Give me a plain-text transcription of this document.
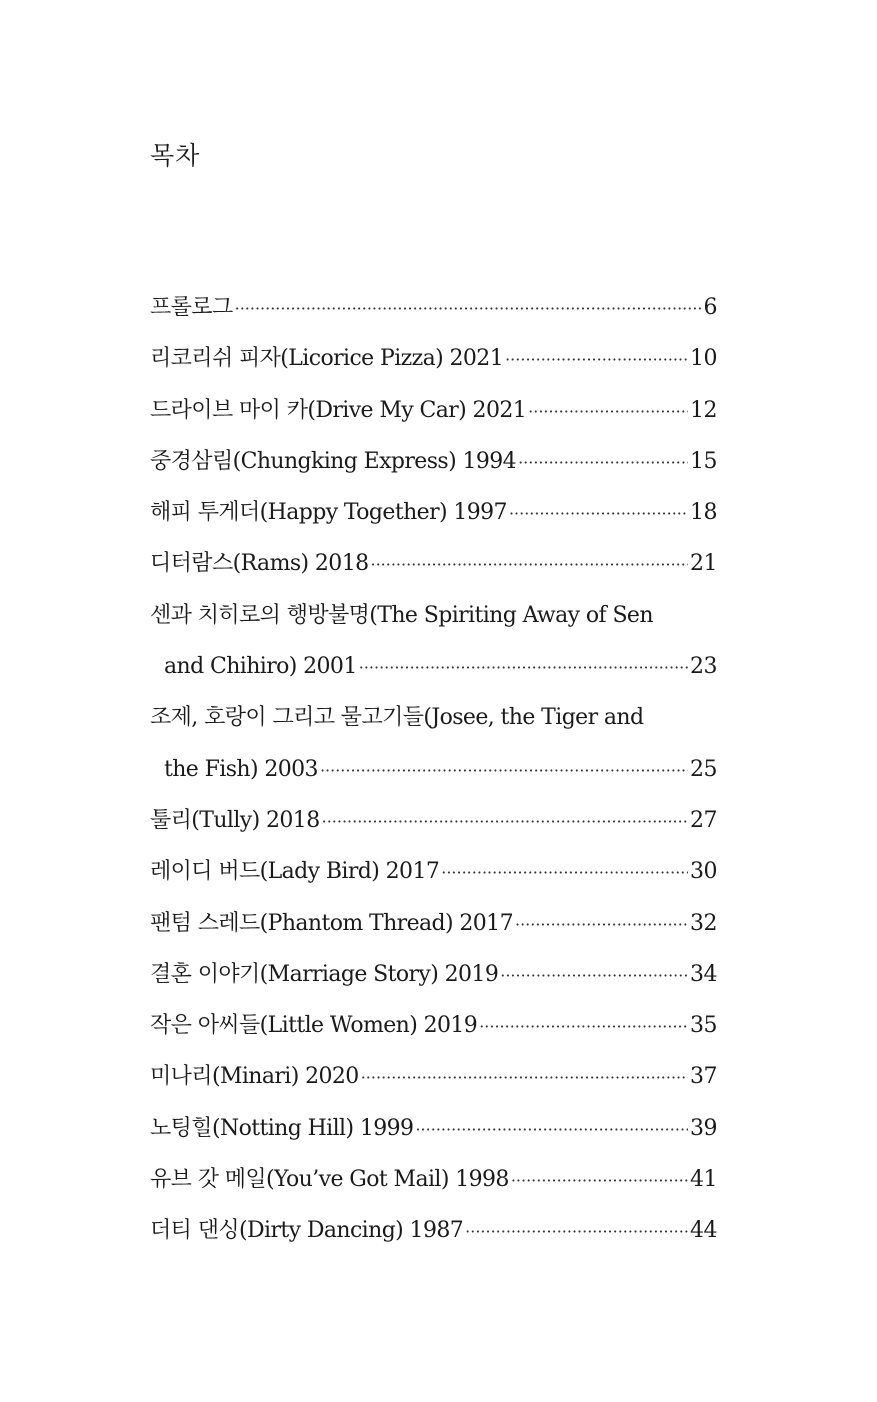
목차
프롤로그 ·····	6
리코리쉬 피자(Licorice Pizza) 2021 ·····	10
드라이브 마이 카(Drive My Car) 2021 ·····	12
중경삼림(Chungking Express) 1994 ·····	15
해피 투게더(Happy Together) 1997 ·····	18
디터람스(Rams) 2018 ·····	21
센과 치히로의 행방불명(The Spiriting Away of Sen
and Chihiro) 2001 ·····	23
조제, 호랑이 그리고 물고기들(Josee, the Tiger and
the Fish) 2003 ·····	25
툴리(Tully) 2018 ·····	27
레이디 버드(Lady Bird) 2017 ·····	30
팬텀 스레드(Phantom Thread) 2017 ·····	32
결혼 이야기(Marriage Story) 2019 ·····	34
작은 아씨들(Little Women) 2019 ·····	35
미나리(Minari) 2020 ·····	37
노팅힐(Notting Hill) 1999 ·····	39
유브 갓 메일(You’ve Got Mail) 1998 ·····	41
더티 댄싱(Dirty Dancing) 1987 ·····	44
